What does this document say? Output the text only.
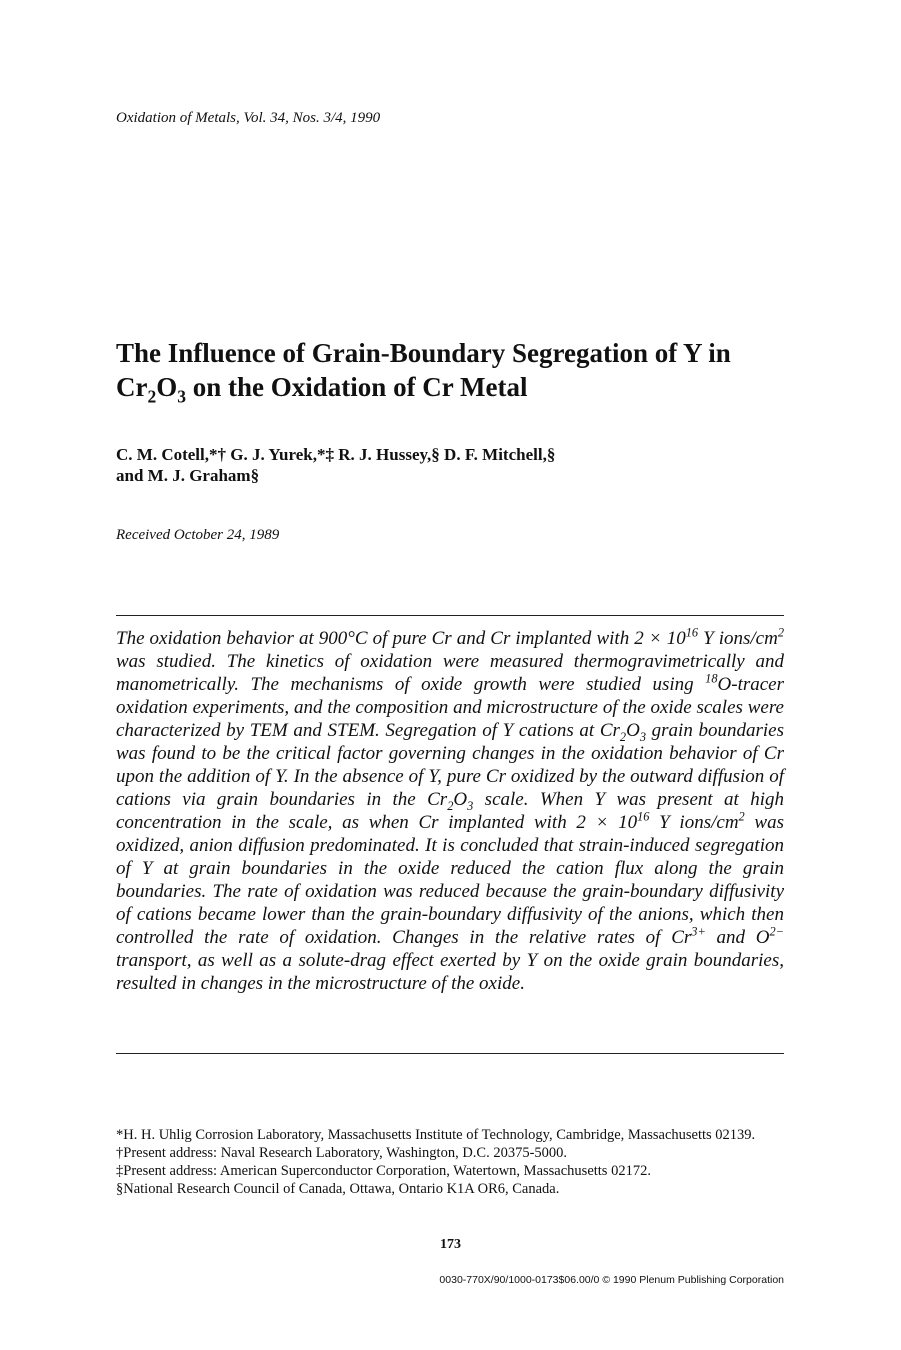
Oxidation of Metals, Vol. 34, Nos. 3/4, 1990
The Influence of Grain-Boundary Segregation of Y in
$Cr_2O_3$ on the Oxidation of Cr Metal
C. M. Cotell,*† G. J. Yurek,*‡ R. J. Hussey,§ D. F. Mitchell,§
and M. J. Graham§
Received October 24, 1989
The oxidation behavior at 900°C of pure Cr and Cr implanted with $2 \times 10^{16}$ Y ions/$cm^2$ was studied. The kinetics of oxidation were measured thermogravimetrically and manometrically. The mechanisms of oxide growth were studied using $^{18}$O-tracer oxidation experiments, and the composition and microstructure of the oxide scales were characterized by TEM and STEM. Segregation of Y cations at $Cr_2O_3$ grain boundaries was found to be the critical factor governing changes in the oxidation behavior of Cr upon the addition of Y. In the absence of Y, pure Cr oxidized by the outward diffusion of cations via grain boundaries in the $Cr_2O_3$ scale. When Y was present at high concentration in the scale, as when Cr implanted with $2 \times 10^{16}$ Y ions/$cm^2$ was oxidized, anion diffusion predominated. It is concluded that strain-induced segregation of Y at grain boundaries in the oxide reduced the cation flux along the grain boundaries. The rate of oxidation was reduced because the grain-boundary diffusivity of cations became lower than the grain-boundary diffusivity of the anions, which then controlled the rate of oxidation. Changes in the relative rates of $Cr^{3+}$ and $O^{2-}$ transport, as well as a solute-drag effect exerted by Y on the oxide grain boundaries, resulted in changes in the microstructure of the oxide.

*H. H. Uhlig Corrosion Laboratory, Massachusetts Institute of Technology, Cambridge, Massachusetts 02139.

†Present address: Naval Research Laboratory, Washington, D.C. 20375-5000.

‡Present address: American Superconductor Corporation, Watertown, Massachusetts 02172.

§National Research Council of Canada, Ottawa, Ontario K1A OR6, Canada.

173
0030-770X/90/1000-0173$06.00/0 © 1990 Plenum Publishing Corporation
